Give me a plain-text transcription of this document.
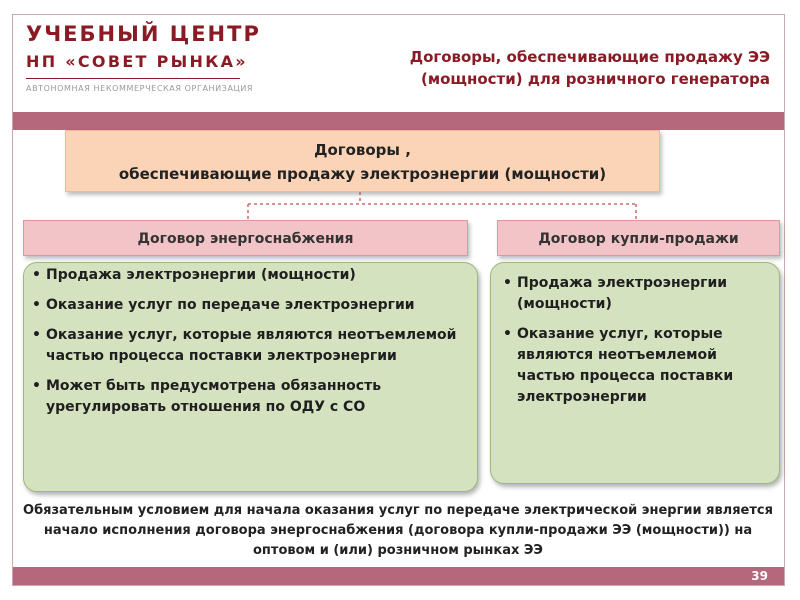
УЧЕБНЫЙ ЦЕНТР
НП «СОВЕТ РЫНКА»
АВТОНОМНАЯ НЕКОММЕРЧЕСКАЯ ОРГАНИЗАЦИЯ
Договоры, обеспечивающие продажу ЭЭ
(мощности) для розничного генератора
Договоры ,
обеспечивающие продажу электроэнергии (мощности)
Договор энергоснабжения	Договор купли-продажи
• Продажа электроэнергии (мощности)
• Оказание услуг по передаче электроэнергии
• Оказание услуг, которые являются неотъемлемой частью процесса поставки электроэнергии
• Может быть предусмотрена обязанность урегулировать отношения по ОДУ с СО
• Продажа электроэнергии (мощности)
• Оказание услуг, которые являются неотъемлемой частью процесса поставки электроэнергии
Обязательным условием для начала оказания услуг по передаче электрической энергии является начало исполнения договора энергоснабжения (договора купли-продажи ЭЭ (мощности)) на оптовом и (или) розничном рынках ЭЭ
39
